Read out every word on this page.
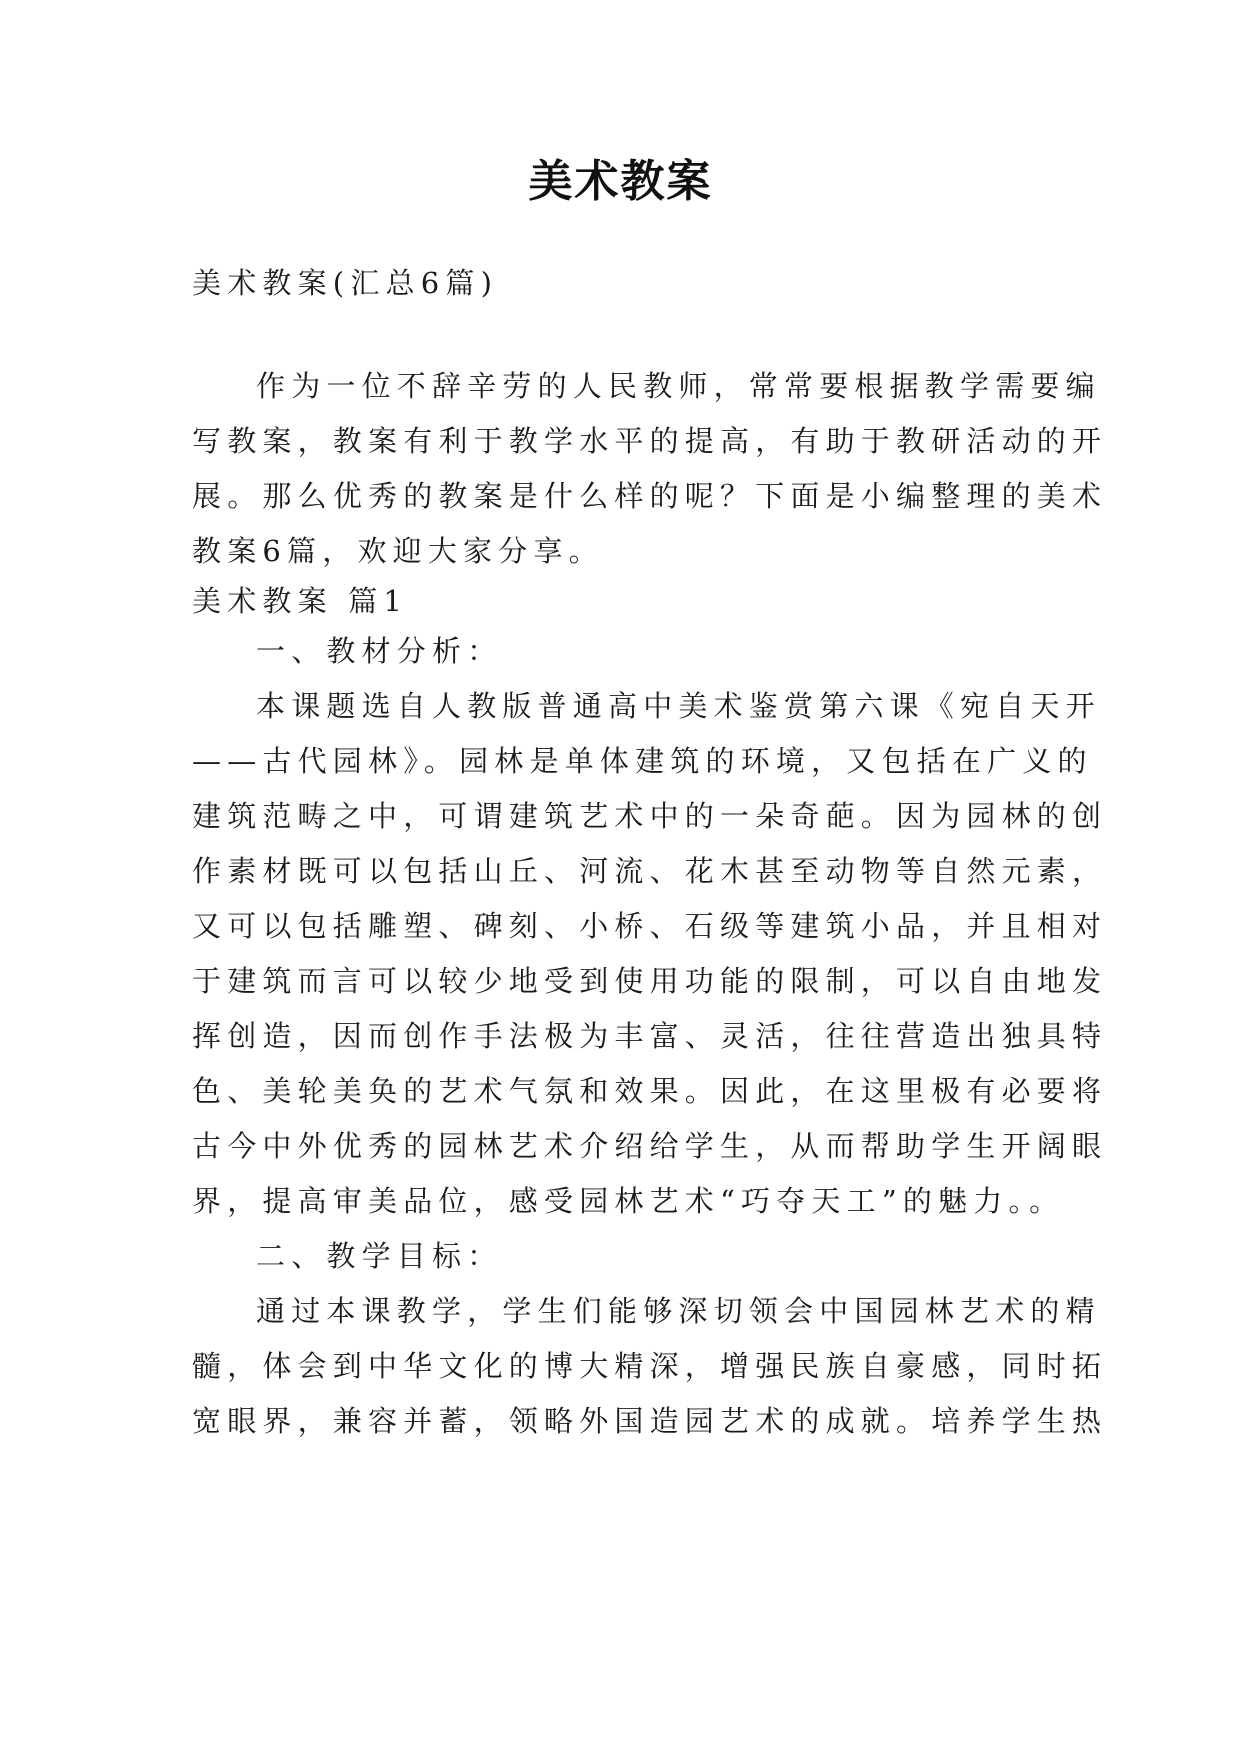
美术教案
美术教案(汇总6篇)
作为一位不辞辛劳的人民教师，常常要根据教学需要编
写教案，教案有利于教学水平的提高，有助于教研活动的开
展。那么优秀的教案是什么样的呢？下面是小编整理的美术
教案6篇，欢迎大家分享。
美术教案 篇1
一、教材分析：
本课题选自人教版普通高中美术鉴赏第六课《宛自天开
——古代园林》。园林是单体建筑的环境，又包括在广义的
建筑范畴之中，可谓建筑艺术中的一朵奇葩。因为园林的创
作素材既可以包括山丘、河流、花木甚至动物等自然元素，
又可以包括雕塑、碑刻、小桥、石级等建筑小品，并且相对
于建筑而言可以较少地受到使用功能的限制，可以自由地发
挥创造，因而创作手法极为丰富、灵活，往往营造出独具特
色、美轮美奂的艺术气氛和效果。因此，在这里极有必要将
古今中外优秀的园林艺术介绍给学生，从而帮助学生开阔眼
界，提高审美品位，感受园林艺术“巧夺天工”的魅力。。
二、教学目标：
通过本课教学，学生们能够深切领会中国园林艺术的精
髓，体会到中华文化的博大精深，增强民族自豪感，同时拓
宽眼界，兼容并蓄，领略外国造园艺术的成就。培养学生热
